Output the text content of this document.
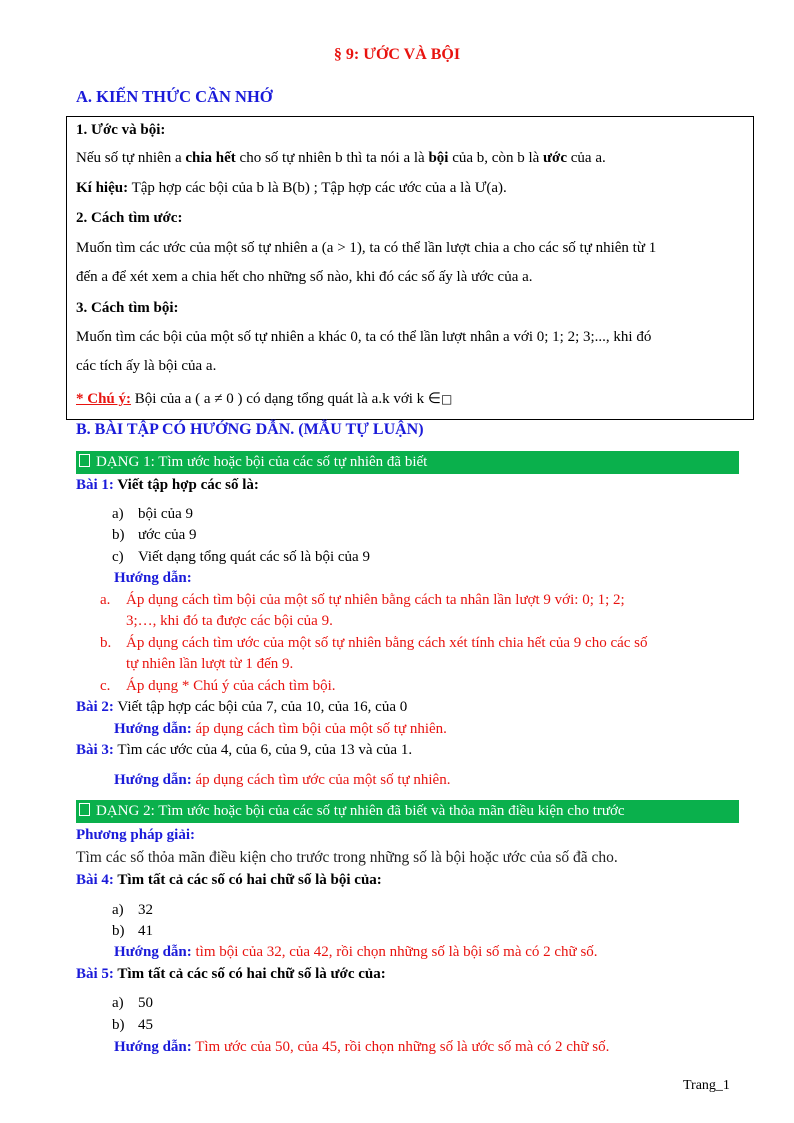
§ 9: ƯỚC VÀ BỘI
A. KIẾN THỨC CẦN NHỚ
1. Ước và bội:
Nếu số tự nhiên a chia hết cho số tự nhiên b thì ta nói a là bội của b, còn b là ước của a.
Kí hiệu: Tập hợp các bội của b là B(b) ; Tập hợp các ước của a là Ư(a).
2. Cách tìm ước:
Muốn tìm các ước của một số tự nhiên a (a > 1), ta có thể lần lượt chia a cho các số tự nhiên từ 1
đến a để xét xem a chia hết cho những số nào, khi đó các số ấy là ước của a.
3. Cách tìm bội:
Muốn tìm các bội của một số tự nhiên a khác 0, ta có thể lần lượt nhân a với 0; 1; 2; 3;..., khi đó
các tích ấy là bội của a.
* Chú ý: Bội của a ( a ≠ 0 ) có dạng tổng quát là a.k với k ∈□
B. BÀI TẬP CÓ HƯỚNG DẪN. (MẪU TỰ LUẬN)
DẠNG 1: Tìm ước hoặc bội của các số tự nhiên đã biết
Bài 1: Viết tập hợp các số là:
a) bội của 9
b) ước của 9
c) Viết dạng tổng quát các số là bội của 9
Hướng dẫn:
a. Áp dụng cách tìm bội của một số tự nhiên bằng cách ta nhân lần lượt 9 với: 0; 1; 2;
3;…, khi đó ta được các bội của 9.
b. Áp dụng cách tìm ước của một số tự nhiên bằng cách xét tính chia hết của 9 cho các số
tự nhiên lần lượt từ 1 đến 9.
c. Áp dụng * Chú ý của cách tìm bội.
Bài 2: Viết tập hợp các bội của 7, của 10, của 16, của 0
Hướng dẫn: áp dụng cách tìm bội của một số tự nhiên.
Bài 3: Tìm các ước của 4, của 6, của 9, của 13 và của 1.
Hướng dẫn: áp dụng cách tìm ước của một số tự nhiên.
DẠNG 2: Tìm ước hoặc bội của các số tự nhiên đã biết và thỏa mãn điều kiện cho trước
Phương pháp giải:
Tìm các số thỏa mãn điều kiện cho trước trong những số là bội hoặc ước của số đã cho.
Bài 4: Tìm tất cả các số có hai chữ số là bội của:
a) 32
b) 41
Hướng dẫn: tìm bội của 32, của 42, rồi chọn những số là bội số mà có 2 chữ số.
Bài 5: Tìm tất cả các số có hai chữ số là ước của:
a) 50
b) 45
Hướng dẫn: Tìm ước của 50, của 45, rồi chọn những số là ước số mà có 2 chữ số.
Trang_1
